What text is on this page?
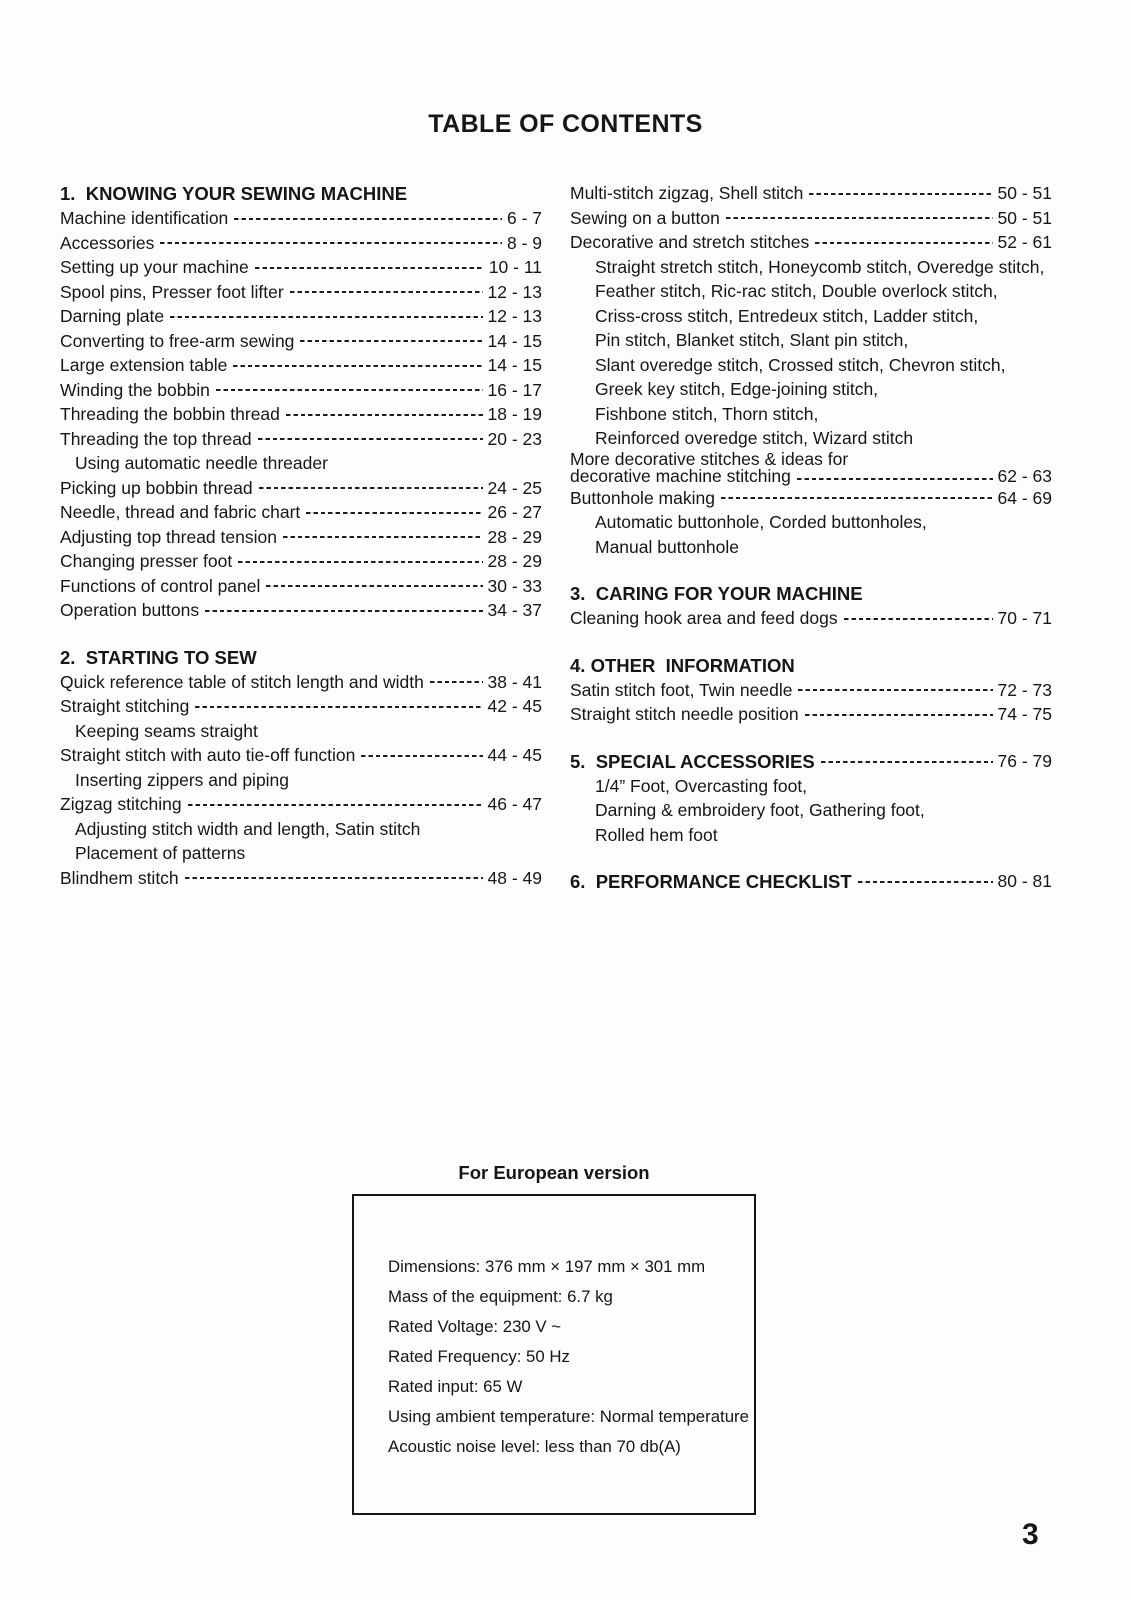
TABLE OF CONTENTS
1.  KNOWING YOUR SEWING MACHINE
Machine identification	6 - 7
Accessories	8 - 9
Setting up your machine	10 - 11
Spool pins, Presser foot lifter	12 - 13
Darning plate	12 - 13
Converting to free-arm sewing	14 - 15
Large extension table	14 - 15
Winding the bobbin	16 - 17
Threading the bobbin thread	18 - 19
Threading the top thread	20 - 23
Using automatic needle threader
Picking up bobbin thread	24 - 25
Needle, thread and fabric chart	26 - 27
Adjusting top thread tension	28 - 29
Changing presser foot	28 - 29
Functions of control panel	30 - 33
Operation buttons	34 - 37
2.  STARTING TO SEW
Quick reference table of stitch length and width	38 - 41
Straight stitching	42 - 45
Keeping seams straight
Straight stitch with auto tie-off function	44 - 45
Inserting zippers and piping
Zigzag stitching	46 - 47
Adjusting stitch width and length, Satin stitch
Placement of patterns
Blindhem stitch	48 - 49
Multi-stitch zigzag, Shell stitch	50 - 51
Sewing on a button	50 - 51
Decorative and stretch stitches	52 - 61
Straight stretch stitch, Honeycomb stitch, Overedge stitch,
Feather stitch, Ric-rac stitch, Double overlock stitch,
Criss-cross stitch, Entredeux stitch, Ladder stitch,
Pin stitch, Blanket stitch, Slant pin stitch,
Slant overedge stitch, Crossed stitch, Chevron stitch,
Greek key stitch, Edge-joining stitch,
Fishbone stitch, Thorn stitch,
Reinforced overedge stitch, Wizard stitch
More decorative stitches & ideas for
decorative machine stitching	62 - 63
Buttonhole making	64 - 69
Automatic buttonhole, Corded buttonholes,
Manual buttonhole
3.  CARING FOR YOUR MACHINE
Cleaning hook area and feed dogs	70 - 71
4. OTHER  INFORMATION
Satin stitch foot, Twin needle	72 - 73
Straight stitch needle position	74 - 75
5.  SPECIAL ACCESSORIES	76 - 79
1/4” Foot, Overcasting foot,
Darning & embroidery foot, Gathering foot,
Rolled hem foot
6.  PERFORMANCE CHECKLIST	80 - 81
For European version

Dimensions: 376 mm × 197 mm × 301 mm

Mass of the equipment: 6.7 kg

Rated Voltage: 230 V ~

Rated Frequency: 50 Hz

Rated input: 65 W

Using ambient temperature: Normal temperature

Acoustic noise level: less than 70 db(A)

3
